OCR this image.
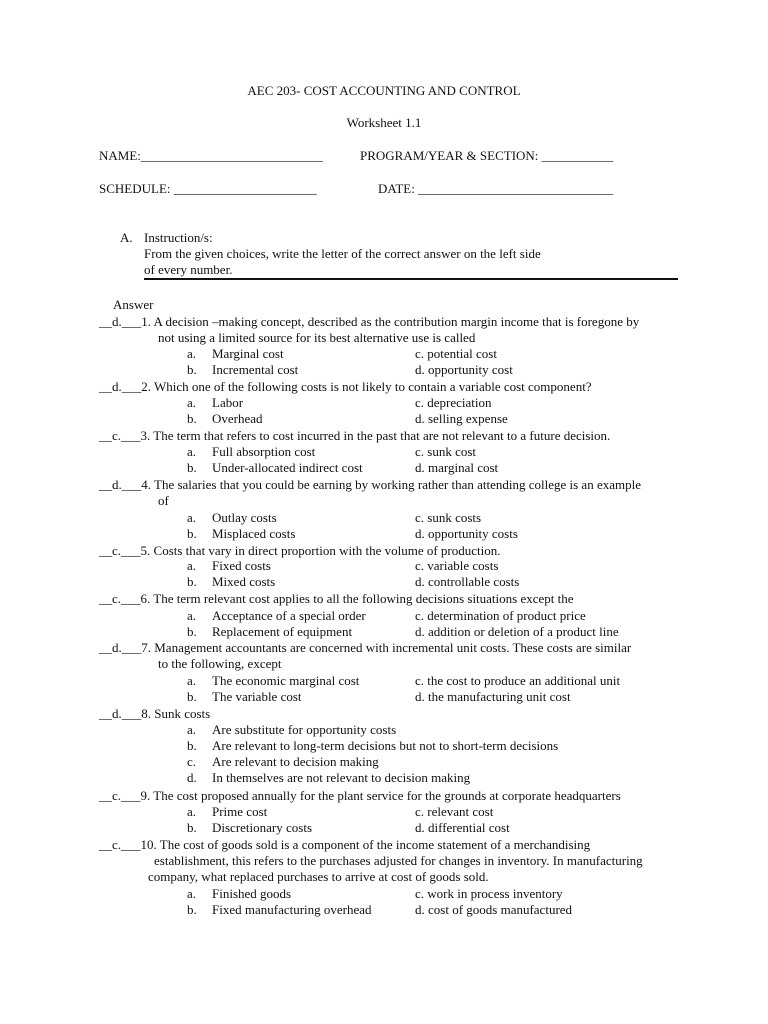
AEC 203- COST ACCOUNTING AND CONTROL
Worksheet 1.1
NAME:____________________________	PROGRAM/YEAR & SECTION: ___________
SCHEDULE: ______________________	DATE: ______________________________
A. Instruction/s:
From the given choices, write the letter of the correct answer on the left side
of every number.
Answer
__d.___1. A decision –making concept, described as the contribution margin income that is foregone by
not using a limited source for its best alternative use is called
a. Marginal cost	c. potential cost
b. Incremental cost	d. opportunity cost
__d.___2. Which one of the following costs is not likely to contain a variable cost component?
a. Labor	c. depreciation
b. Overhead	d. selling expense
__c.___3. The term that refers to cost incurred in the past that are not relevant to a future decision.
a. Full absorption cost	c. sunk cost
b. Under-allocated indirect cost	d. marginal cost
__d.___4. The salaries that you could be earning by working rather than attending college is an example
of
a. Outlay costs	c. sunk costs
b. Misplaced costs	d. opportunity costs
__c.___5. Costs that vary in direct proportion with the volume of production.
a. Fixed costs	c. variable costs
b. Mixed costs	d. controllable costs
__c.___6. The term relevant cost applies to all the following decisions situations except the
a. Acceptance of a special order	c. determination of product price
b. Replacement of equipment	d. addition or deletion of a product line
__d.___7. Management accountants are concerned with incremental unit costs. These costs are similar
to the following, except
a. The economic marginal cost	c. the cost to produce an additional unit
b. The variable cost	d. the manufacturing unit cost
__d.___8. Sunk costs
a. Are substitute for opportunity costs
b. Are relevant to long-term decisions but not to short-term decisions
c. Are relevant to decision making
d. In themselves are not relevant to decision making
__c.___9. The cost proposed annually for the plant service for the grounds at corporate headquarters
a. Prime cost	c. relevant cost
b. Discretionary costs	d. differential cost
__c.___10. The cost of goods sold is a component of the income statement of a merchandising
establishment, this refers to the purchases adjusted for changes in inventory. In manufacturing
company, what replaced purchases to arrive at cost of goods sold.
a. Finished goods	c. work in process inventory
b. Fixed manufacturing overhead	d. cost of goods manufactured
